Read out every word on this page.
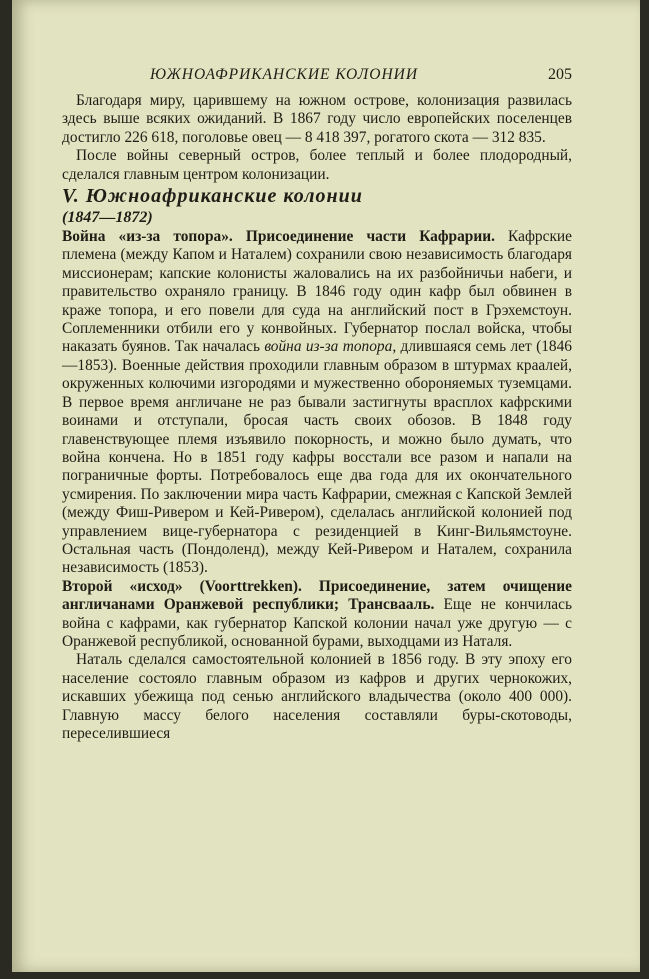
ЮЖНОАФРИКАНСКИЕ КОЛОНИИ	205

Благодаря миру, царившему на южном острове, колонизация развилась здесь выше всяких ожиданий. В 1867 году число европейских поселенцев достигло 226 618, поголовье овец — 8 418 397, рогатого скота — 312 835.

После войны северный остров, более теплый и более плодородный, сделался главным центром колонизации.

V. Южноафриканские колонии

(1847—1872)

Война «из-за топора». Присоединение части Кафрарии. Кафрские племена (между Капом и Наталем) сохранили свою независимость благодаря миссионерам; капские колонисты жаловались на их разбойничьи набеги, и правительство охраняло границу. В 1846 году один кафр был обвинен в краже топора, и его повели для суда на английский пост в Грэхемстоун. Соплеменники отбили его у конвойных. Губернатор послал войска, чтобы наказать буянов. Так началась война из-за топора, длившаяся семь лет (1846—1853). Военные действия проходили главным образом в штурмах краалей, окруженных колючими изгородями и мужественно обороняемых туземцами. В первое время англичане не раз бывали застигнуты врасплох кафрскими воинами и отступали, бросая часть своих обозов. В 1848 году главенствующее племя изъявило покорность, и можно было думать, что война кончена. Но в 1851 году кафры восстали все разом и напали на пограничные форты. Потребовалось еще два года для их окончательного усмирения. По заключении мира часть Кафрарии, смежная с Капской Землей (между Фиш-Ривером и Кей-Ривером), сделалась английской колонией под управлением вице-губернатора с резиденцией в Кинг-Вильямстоуне. Остальная часть (Пондоленд), между Кей-Ривером и Наталем, сохранила независимость (1853).

Второй «исход» (Voorttrekken). Присоединение, затем очищение англичанами Оранжевой республики; Трансвааль. Еще не кончилась война с кафрами, как губернатор Капской колонии начал уже другую — с Оранжевой республикой, основанной бурами, выходцами из Наталя.

Наталь сделался самостоятельной колонией в 1856 году. В эту эпоху его население состояло главным образом из кафров и других чернокожих, искавших убежища под сенью английского владычества (около 400 000). Главную массу белого населения составляли буры-скотоводы, переселившиеся
